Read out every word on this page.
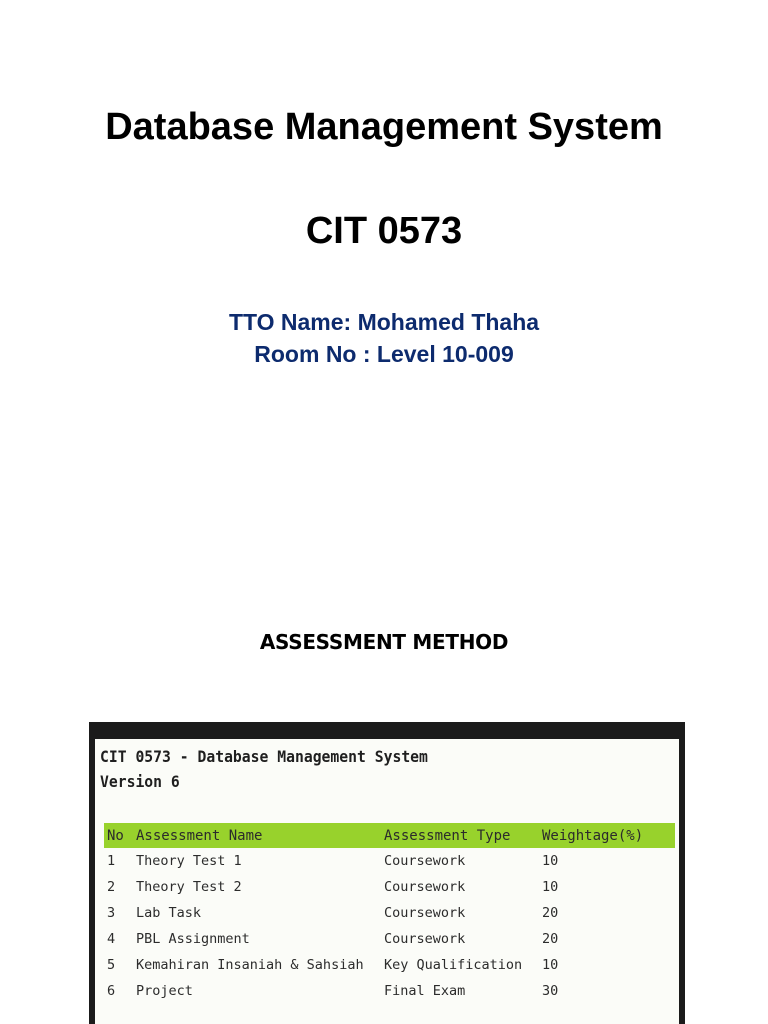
Database Management System
CIT 0573
TTO Name: Mohamed Thaha
Room No : Level 10-009
ASSESSMENT METHOD
CIT 0573 - Database Management System
Version 6
No	Assessment Name	Assessment Type	Weightage(%)
1	Theory Test 1	Coursework	10
2	Theory Test 2	Coursework	10
3	Lab Task	Coursework	20
4	PBL Assignment	Coursework	20
5	Kemahiran Insaniah & Sahsiah	Key Qualification	10
6	Project	Final Exam	30
